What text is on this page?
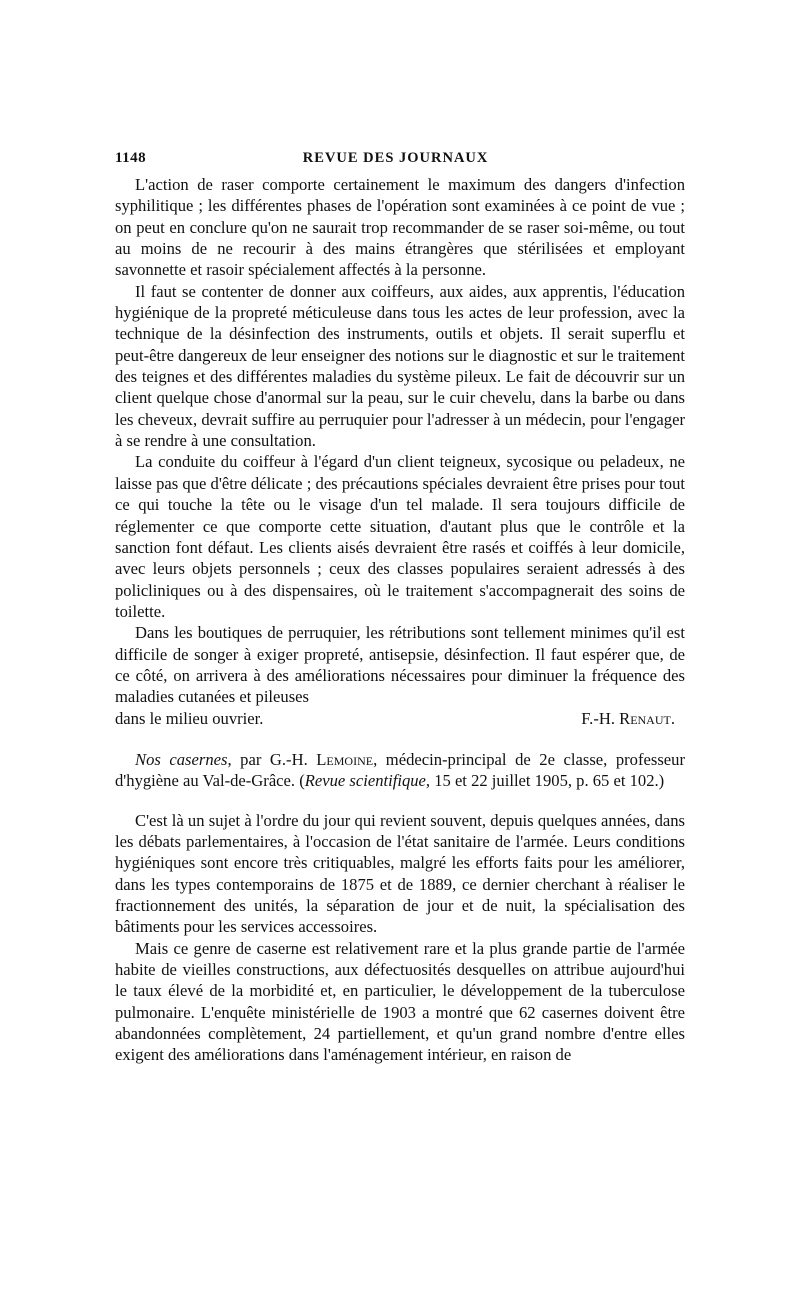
1148	REVUE DES JOURNAUX

L'action de raser comporte certainement le maximum des dangers d'infection syphilitique ; les différentes phases de l'opération sont examinées à ce point de vue ; on peut en conclure qu'on ne saurait trop recommander de se raser soi-même, ou tout au moins de ne recourir à des mains étrangères que stérilisées et employant savonnette et rasoir spécialement affectés à la personne.

Il faut se contenter de donner aux coiffeurs, aux aides, aux apprentis, l'éducation hygiénique de la propreté méticuleuse dans tous les actes de leur profession, avec la technique de la désinfection des instruments, outils et objets. Il serait superflu et peut-être dangereux de leur enseigner des notions sur le diagnostic et sur le traitement des teignes et des différentes maladies du système pileux. Le fait de découvrir sur un client quelque chose d'anormal sur la peau, sur le cuir chevelu, dans la barbe ou dans les cheveux, devrait suffire au perruquier pour l'adresser à un médecin, pour l'engager à se rendre à une consultation.

La conduite du coiffeur à l'égard d'un client teigneux, sycosique ou peladeux, ne laisse pas que d'être délicate ; des précautions spéciales devraient être prises pour tout ce qui touche la tête ou le visage d'un tel malade. Il sera toujours difficile de réglementer ce que comporte cette situation, d'autant plus que le contrôle et la sanction font défaut. Les clients aisés devraient être rasés et coiffés à leur domicile, avec leurs objets personnels ; ceux des classes populaires seraient adressés à des policliniques ou à des dispensaires, où le traitement s'accompagnerait des soins de toilette.

Dans les boutiques de perruquier, les rétributions sont tellement minimes qu'il est difficile de songer à exiger propreté, antisepsie, désinfection. Il faut espérer que, de ce côté, on arrivera à des améliorations nécessaires pour diminuer la fréquence des maladies cutanées et pileuses

dans le milieu ouvrier.	F.-H. Renaut.

Nos casernes, par G.-H. Lemoine, médecin-principal de 2e classe, professeur d'hygiène au Val-de-Grâce. (Revue scientifique, 15 et 22 juillet 1905, p. 65 et 102.)

C'est là un sujet à l'ordre du jour qui revient souvent, depuis quelques années, dans les débats parlementaires, à l'occasion de l'état sanitaire de l'armée. Leurs conditions hygiéniques sont encore très critiquables, malgré les efforts faits pour les améliorer, dans les types contemporains de 1875 et de 1889, ce dernier cherchant à réaliser le fractionnement des unités, la séparation de jour et de nuit, la spécialisation des bâtiments pour les services accessoires.

Mais ce genre de caserne est relativement rare et la plus grande partie de l'armée habite de vieilles constructions, aux défectuosités desquelles on attribue aujourd'hui le taux élevé de la morbidité et, en particulier, le développement de la tuberculose pulmonaire. L'enquête ministérielle de 1903 a montré que 62 casernes doivent être abandonnées complètement, 24 partiellement, et qu'un grand nombre d'entre elles exigent des améliorations dans l'aménagement intérieur, en raison de
